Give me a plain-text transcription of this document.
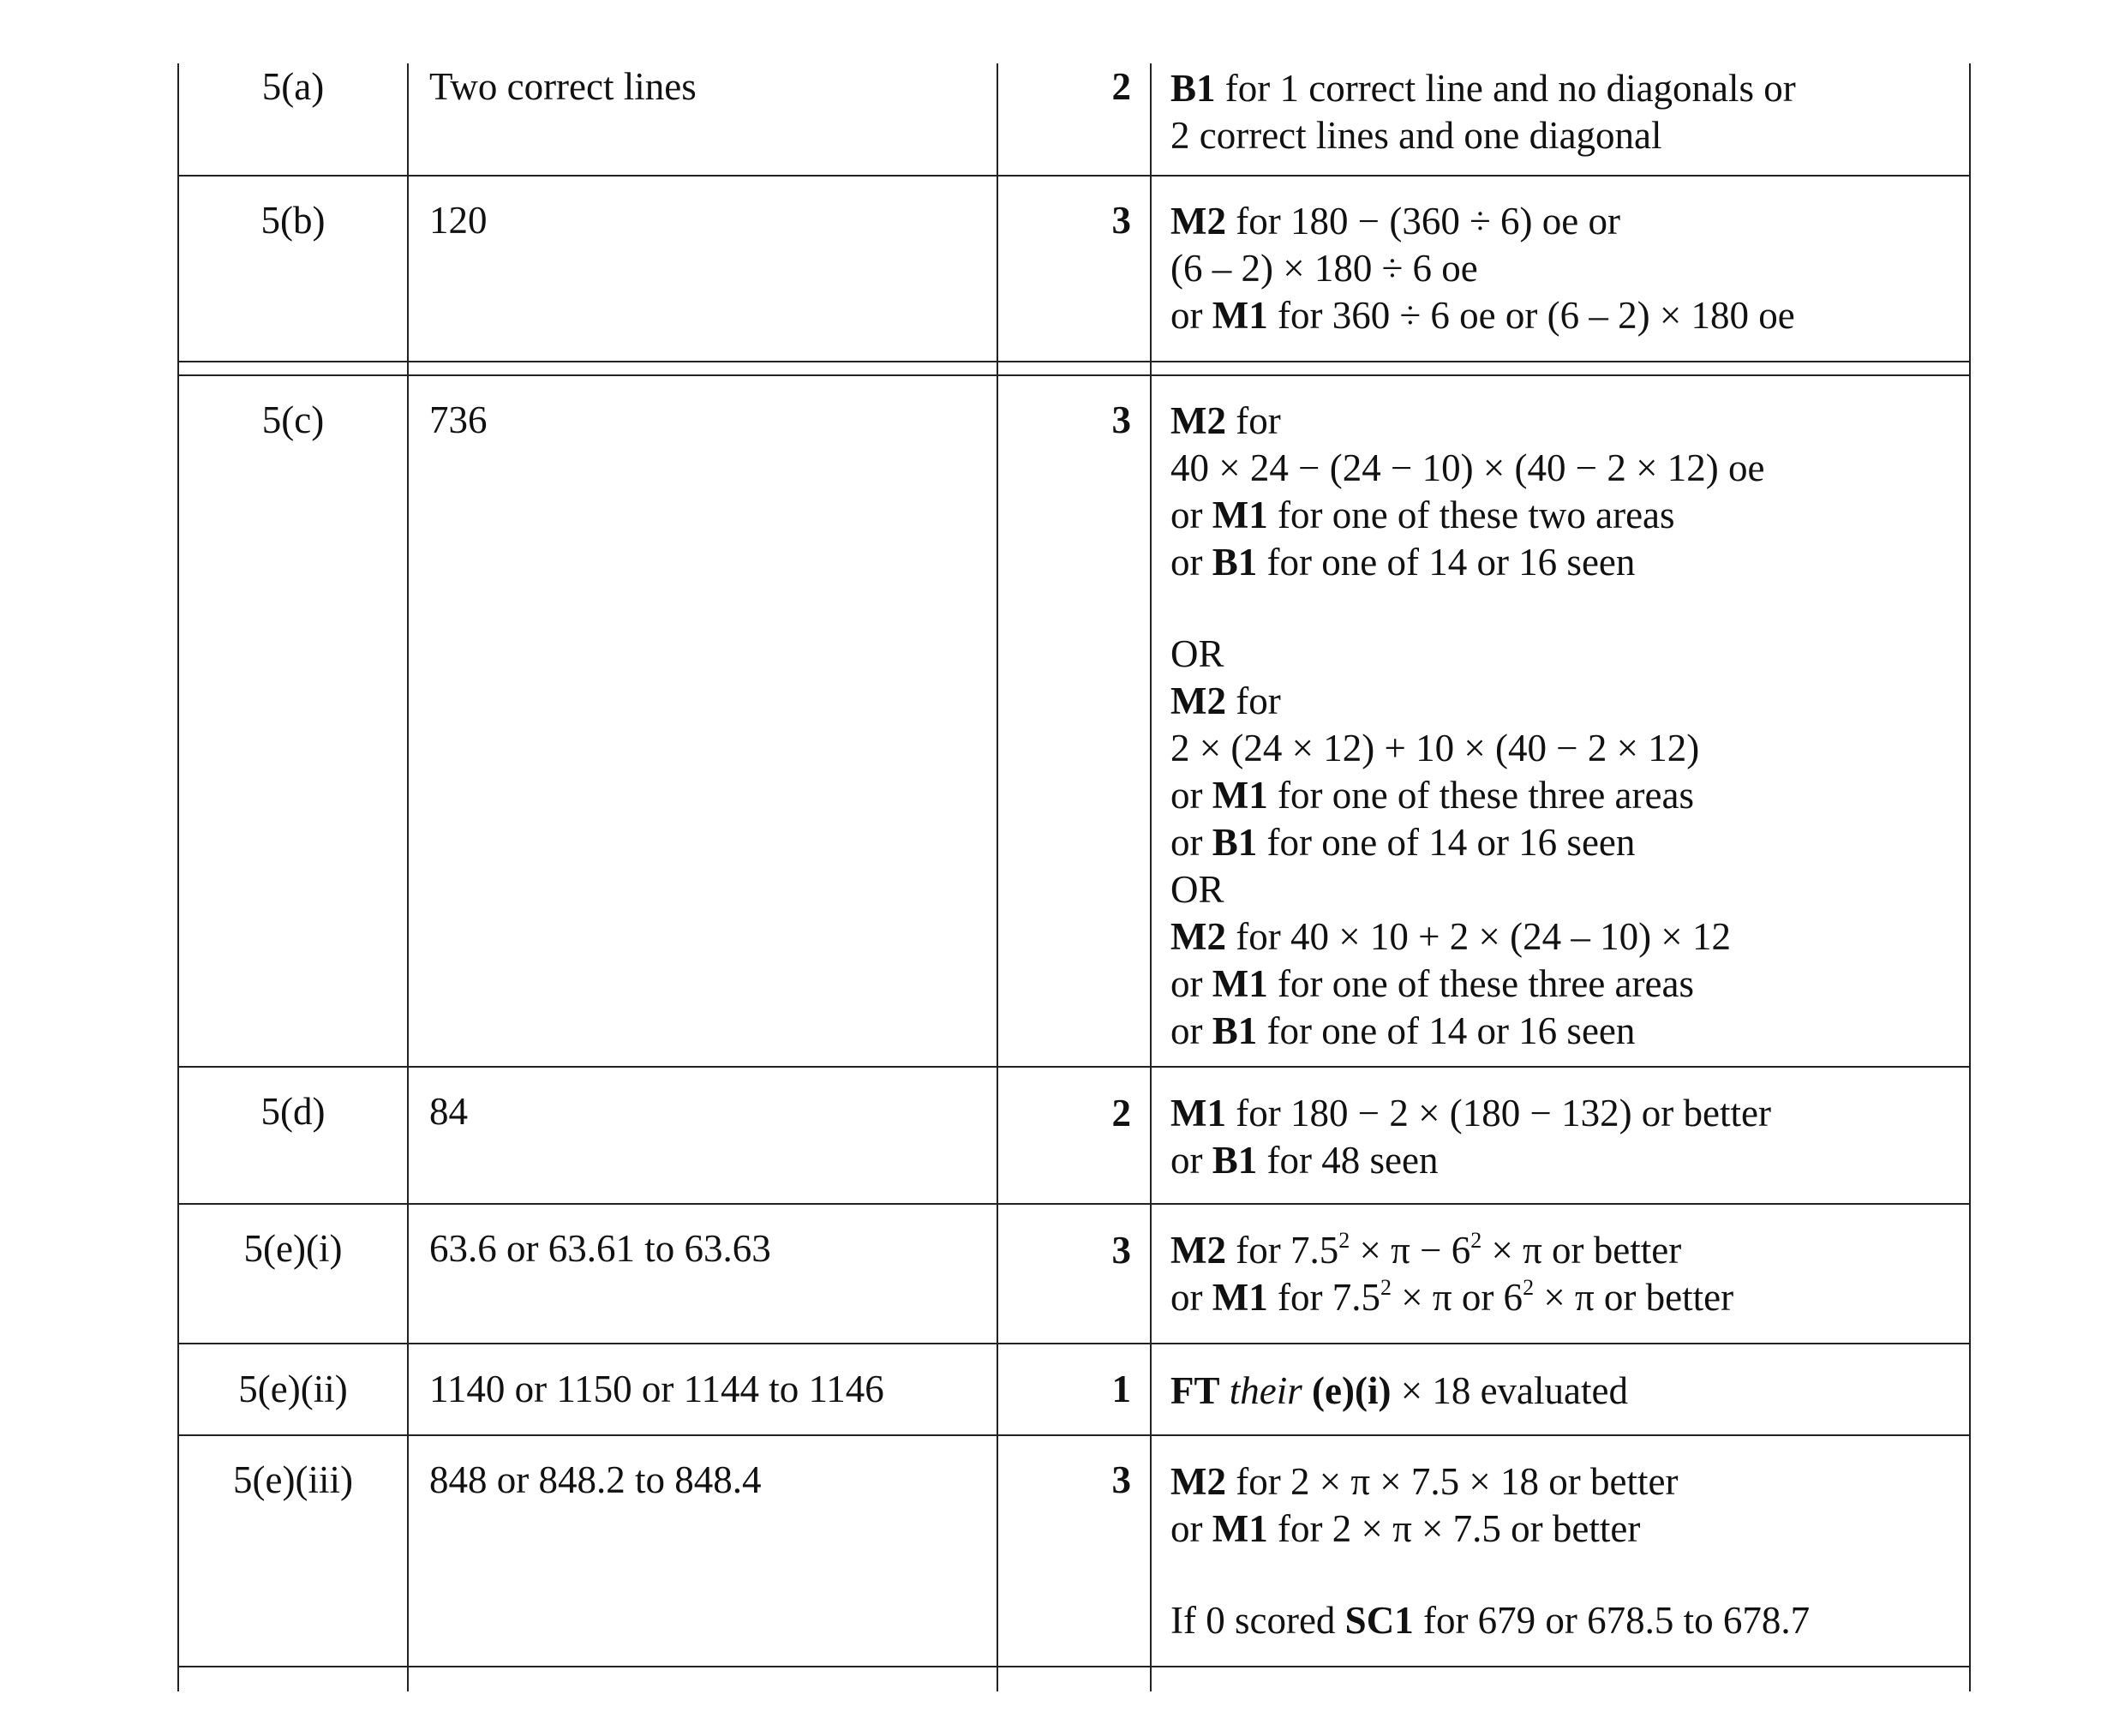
5(a)	Two correct lines	2 B1 for 1 correct line and no diagonals or
2 correct lines and one diagonal
5(b)	120	3 M2 for 180 − (360 ÷ 6) oe or
(6 – 2) × 180 ÷ 6 oe
or M1 for 360 ÷ 6 oe or (6 – 2) × 180 oe
5(c)	736	3 M2 for
40 × 24 − (24 − 10) × (40 − 2 × 12) oe
or M1 for one of these two areas
or B1 for one of 14 or 16 seen
OR
M2 for
2 × (24 × 12) + 10 × (40 − 2 × 12)
or M1 for one of these three areas
or B1 for one of 14 or 16 seen
OR
M2 for 40 × 10 + 2 × (24 – 10) × 12
or M1 for one of these three areas
or B1 for one of 14 or 16 seen
5(d)	84	2 M1 for 180 − 2 × (180 − 132) or better
or B1 for 48 seen
5(e)(i)	63.6 or 63.61 to 63.63	3 M2 for $7.5^2 \times \pi - 6^2 \times \pi$ or better
or M1 for $7.5^2 \times \pi$ or $6^2 \times \pi$ or better
5(e)(ii)	1140 or 1150 or 1144 to 1146	1 FT their (e)(i) × 18 evaluated
5(e)(iii)	848 or 848.2 to 848.4	3 M2 for 2 × π × 7.5 × 18 or better
or M1 for 2 × π × 7.5 or better
If 0 scored SC1 for 679 or 678.5 to 678.7
